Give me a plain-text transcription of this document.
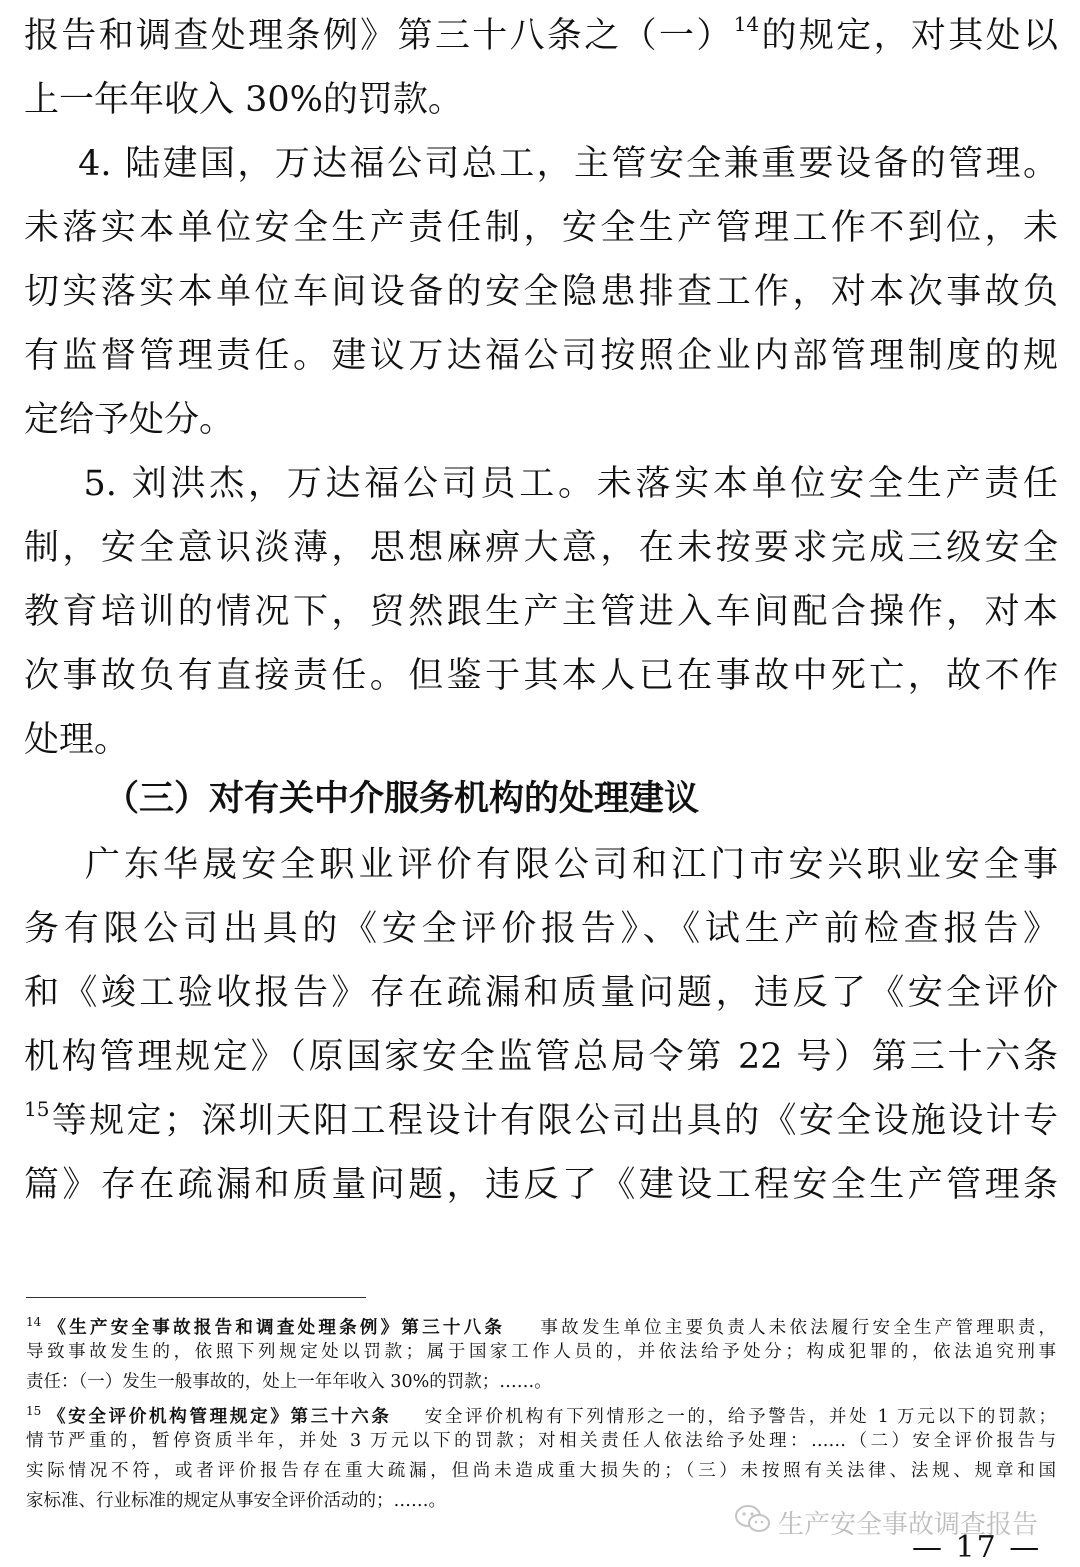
报告和调查处理条例》第三十八条之（一）$^{14}$的规定，对其处以
上一年年收入 30%的罚款。
4. 陆建国，万达福公司总工，主管安全兼重要设备的管理。
未落实本单位安全生产责任制，安全生产管理工作不到位，未
切实落实本单位车间设备的安全隐患排查工作，对本次事故负
有监督管理责任。建议万达福公司按照企业内部管理制度的规
定给予处分。
5. 刘洪杰，万达福公司员工。未落实本单位安全生产责任
制，安全意识淡薄，思想麻痹大意，在未按要求完成三级安全
教育培训的情况下，贸然跟生产主管进入车间配合操作，对本
次事故负有直接责任。但鉴于其本人已在事故中死亡，故不作
处理。
（三）对有关中介服务机构的处理建议
广东华晟安全职业评价有限公司和江门市安兴职业安全事
务有限公司出具的《安全评价报告》、《试生产前检查报告》
和《竣工验收报告》存在疏漏和质量问题，违反了《安全评价
机构管理规定》（原国家安全监管总局令第 22 号）第三十六条
$^{15}$等规定；深圳天阳工程设计有限公司出具的《安全设施设计专
篇》存在疏漏和质量问题，违反了《建设工程安全生产管理条
$^{14}$ 《生产安全事故报告和调查处理条例》第三十八条 事故发生单位主要负责人未依法履行安全生产管理职责，
导致事故发生的，依照下列规定处以罚款；属于国家工作人员的，并依法给予处分；构成犯罪的，依法追究刑事
责任：（一）发生一般事故的，处上一年年收入 30%的罚款；……。
$^{15}$ 《安全评价机构管理规定》第三十六条 安全评价机构有下列情形之一的，给予警告，并处 1 万元以下的罚款；
情节严重的，暂停资质半年，并处 3 万元以下的罚款；对相关责任人依法给予处理：……（二）安全评价报告与
实际情况不符，或者评价报告存在重大疏漏，但尚未造成重大损失的；（三）未按照有关法律、法规、规章和国
家标准、行业标准的规定从事安全评价活动的；……。
生产安全事故调查报告
— 17 —
